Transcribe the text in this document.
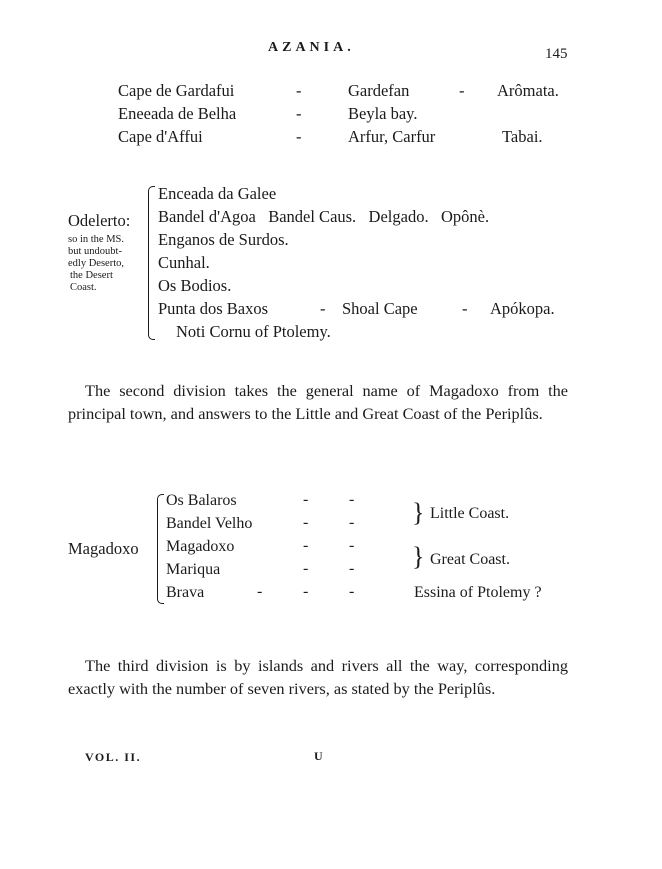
AZANIA.	145
Cape de Gardafui	-	Gardefan	- Arômata.
Eneeada de Belha	-	Beyla bay.
Cape d'Affui	-	Arfur, Carfur	Tabai.
Odelerto:
so in the MS.
but undoubt-
edly Deserto,
the Desert
Coast.
Enceada da Galee
Bandel d'Agoa   Bandel Caus.   Delgado.   Opônè.
Enganos de Surdos.
Cunhal.
Os Bodios.
Punta dos Baxos	- Shoal Cape	- Apókopa.
Noti Cornu of Ptolemy.
The second division takes the general name of Magadoxo from the principal town, and answers to the Little and Great Coast of the Periplûs.
Magadoxo
Os Balaros
Bandel Velho
Magadoxo
Mariqua
Brava
-	-
-	-
-	-
-	-
-	-	-
} Little Coast.
} Great Coast.
Essina of Ptolemy ?
The third division is by islands and rivers all the way, corresponding exactly with the number of seven rivers, as stated by the Periplûs.
VOL. II.	U
